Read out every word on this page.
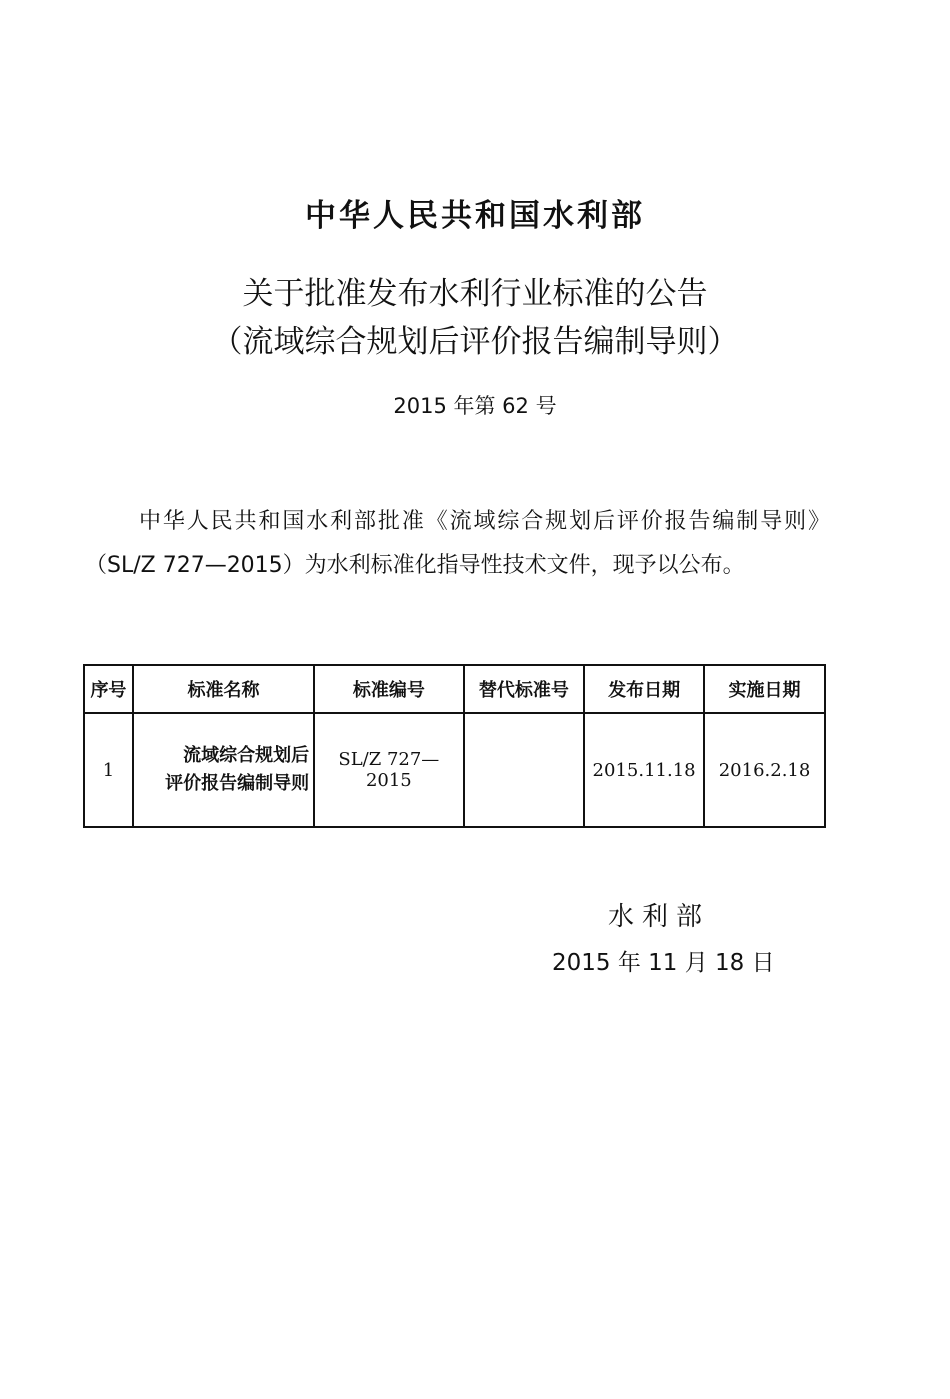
中华人民共和国水利部
关于批准发布水利行业标准的公告
（流域综合规划后评价报告编制导则）
2015 年第 62 号
中华人民共和国水利部批准《流域综合规划后评价报告编制导则》（SL/Z 727—2015）为水利标准化指导性技术文件，现予以公布。
序号	标准名称	标准编号	替代标准号	发布日期	实施日期
1	流域综合规划后
评价报告编制导则	SL/Z 727—2015		2015.11.18	2016.2.18
水利部
2015 年 11 月 18 日
